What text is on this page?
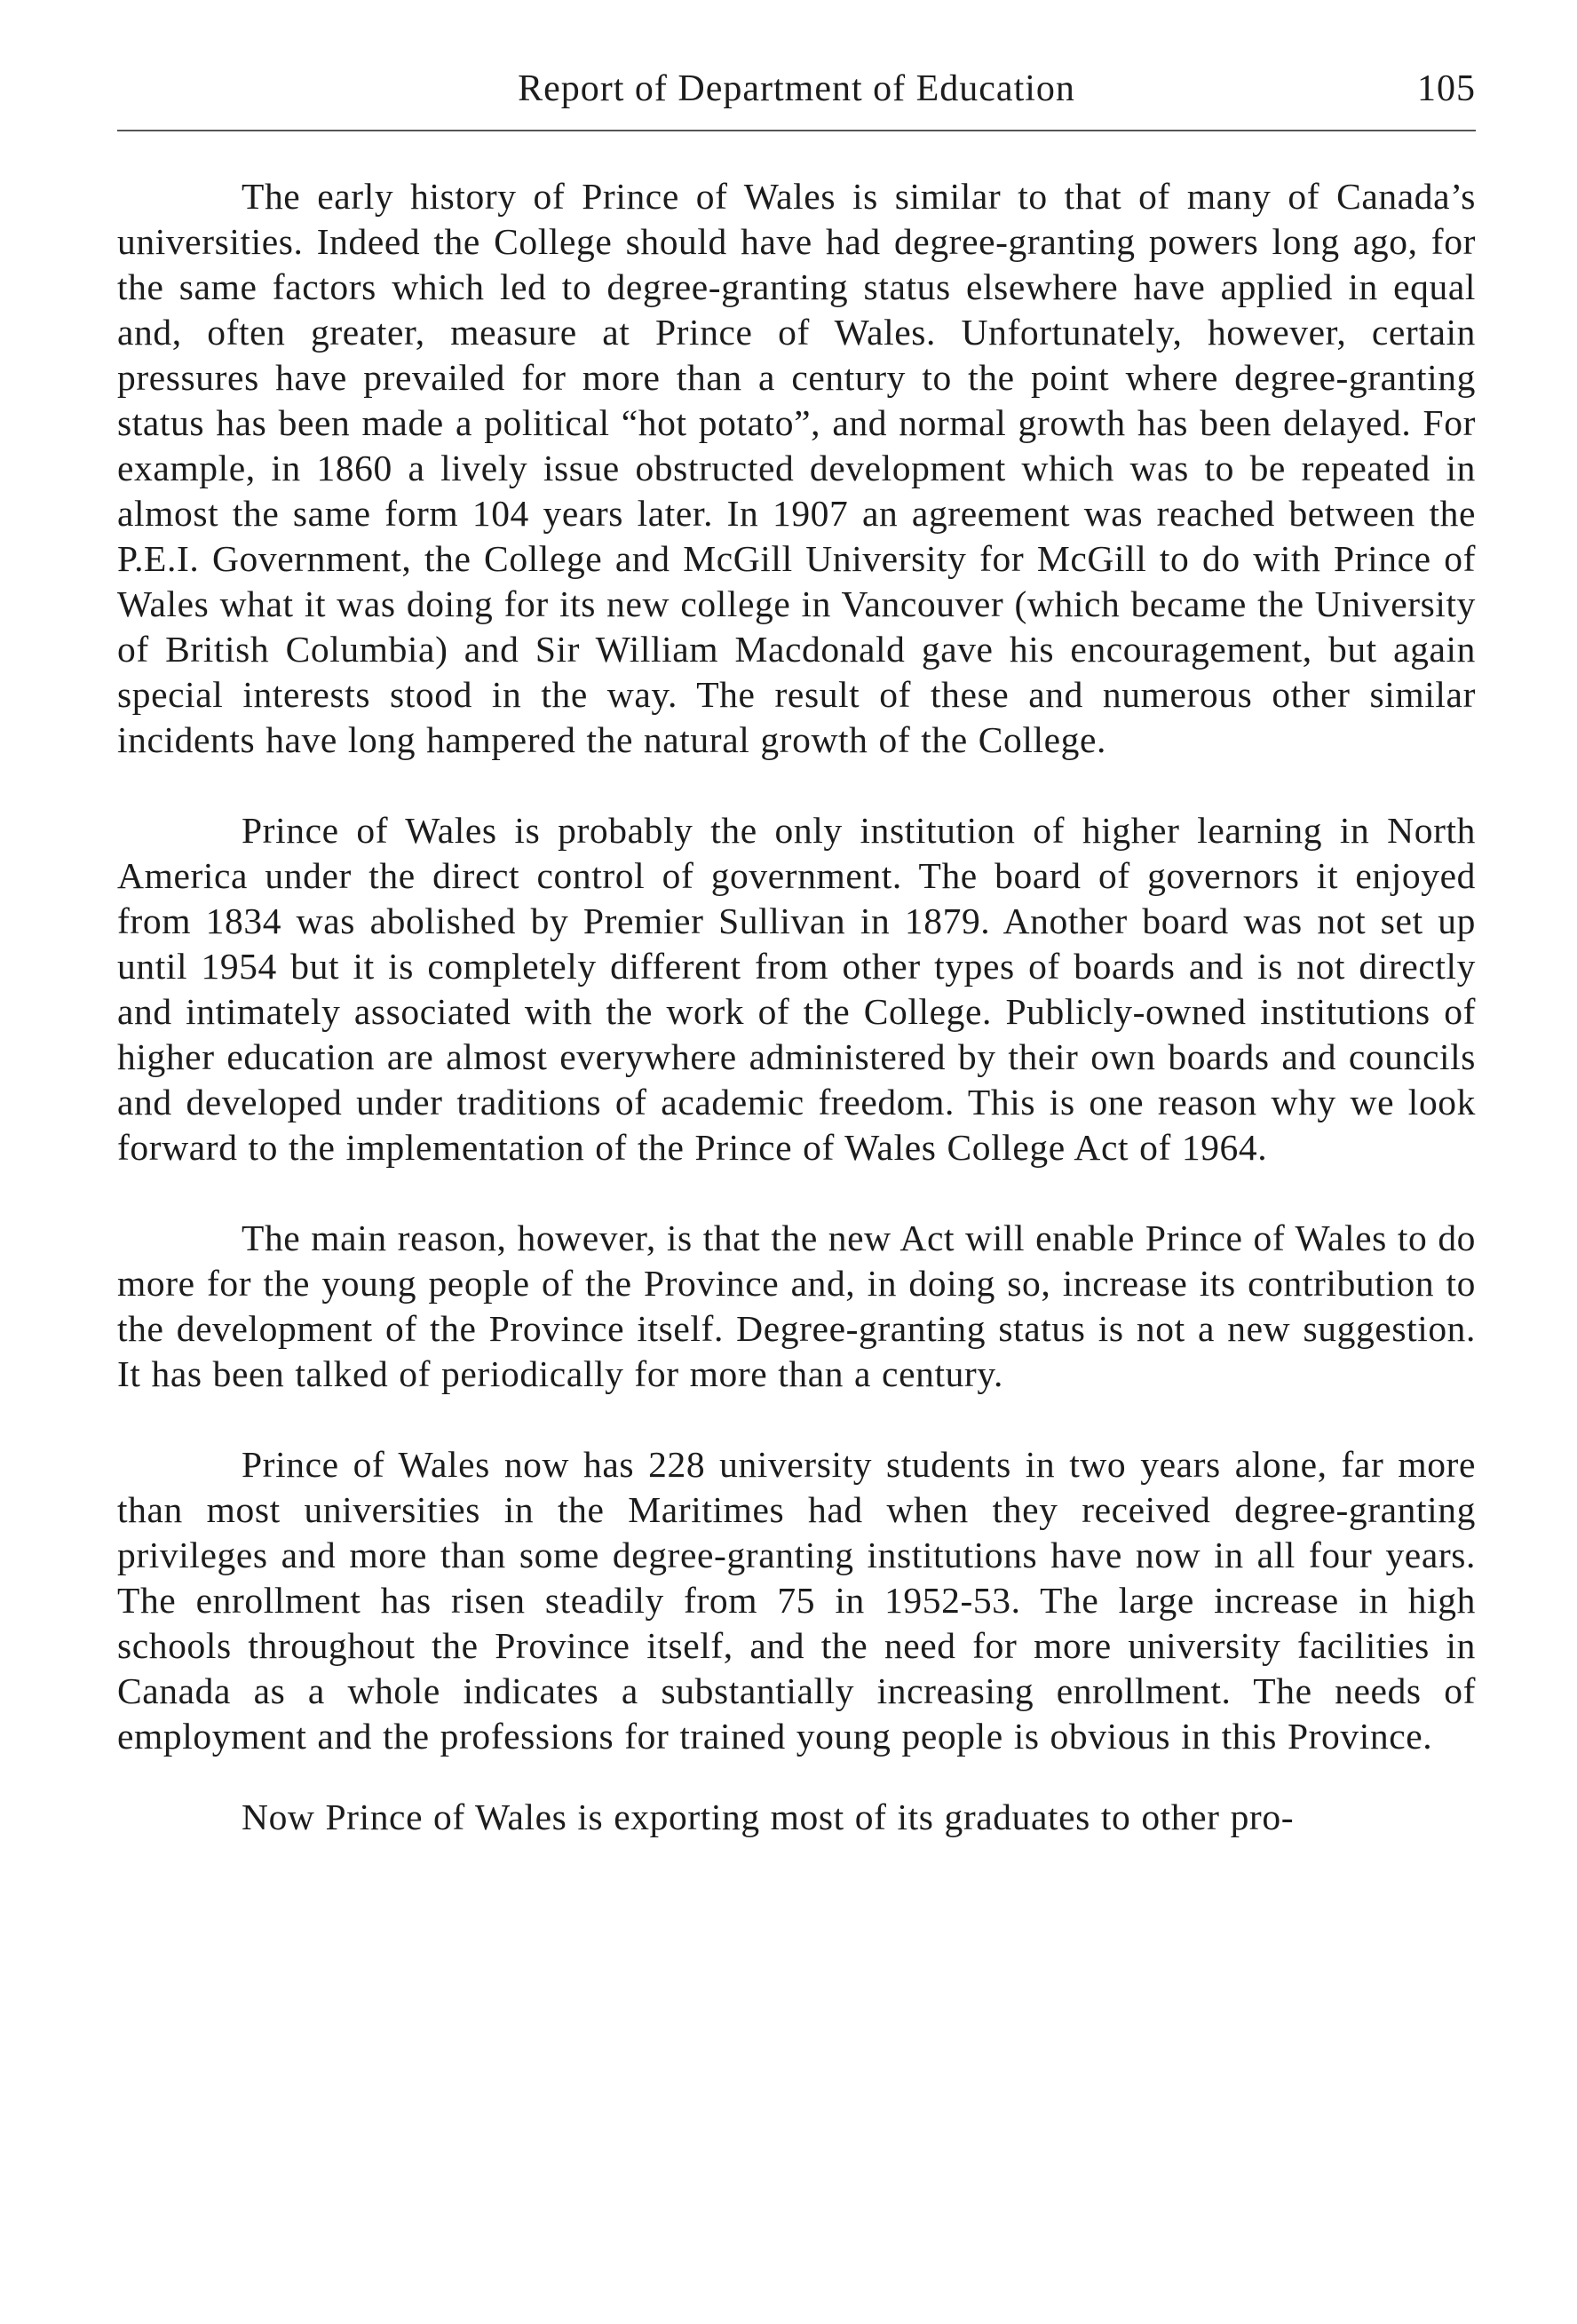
Report of Department of Education	105

The early history of Prince of Wales is similar to that of many of Canada’s universities. Indeed the College should have had degree-granting powers long ago, for the same factors which led to degree-granting status elsewhere have applied in equal and, often greater, measure at Prince of Wales. Unfortunately, however, certain pressures have prevailed for more than a century to the point where degree-granting status has been made a political “hot potato”, and normal growth has been delayed. For example, in 1860 a lively issue obstructed development which was to be repeated in almost the same form 104 years later. In 1907 an agreement was reached between the P.E.I. Government, the College and McGill University for McGill to do with Prince of Wales what it was doing for its new college in Vancouver (which became the University of British Columbia) and Sir William Macdonald gave his encouragement, but again special interests stood in the way. The result of these and numerous other similar incidents have long hampered the natural growth of the College.

Prince of Wales is probably the only institution of higher learning in North America under the direct control of government. The board of governors it enjoyed from 1834 was abolished by Premier Sullivan in 1879. Another board was not set up until 1954 but it is completely different from other types of boards and is not directly and intimately associated with the work of the College. Publicly-owned institutions of higher education are almost everywhere administered by their own boards and councils and developed under traditions of academic freedom. This is one reason why we look forward to the implementation of the Prince of Wales College Act of 1964.

The main reason, however, is that the new Act will enable Prince of Wales to do more for the young people of the Province and, in doing so, increase its contribution to the development of the Province itself. Degree-granting status is not a new suggestion. It has been talked of periodically for more than a century.

Prince of Wales now has 228 university students in two years alone, far more than most universities in the Maritimes had when they received degree-granting privileges and more than some degree-granting institutions have now in all four years. The enrollment has risen steadily from 75 in 1952-53. The large increase in high schools throughout the Province itself, and the need for more university facilities in Canada as a whole indicates a substantially increasing enrollment. The needs of employment and the professions for trained young people is obvious in this Province.

Now Prince of Wales is exporting most of its graduates to other pro-
